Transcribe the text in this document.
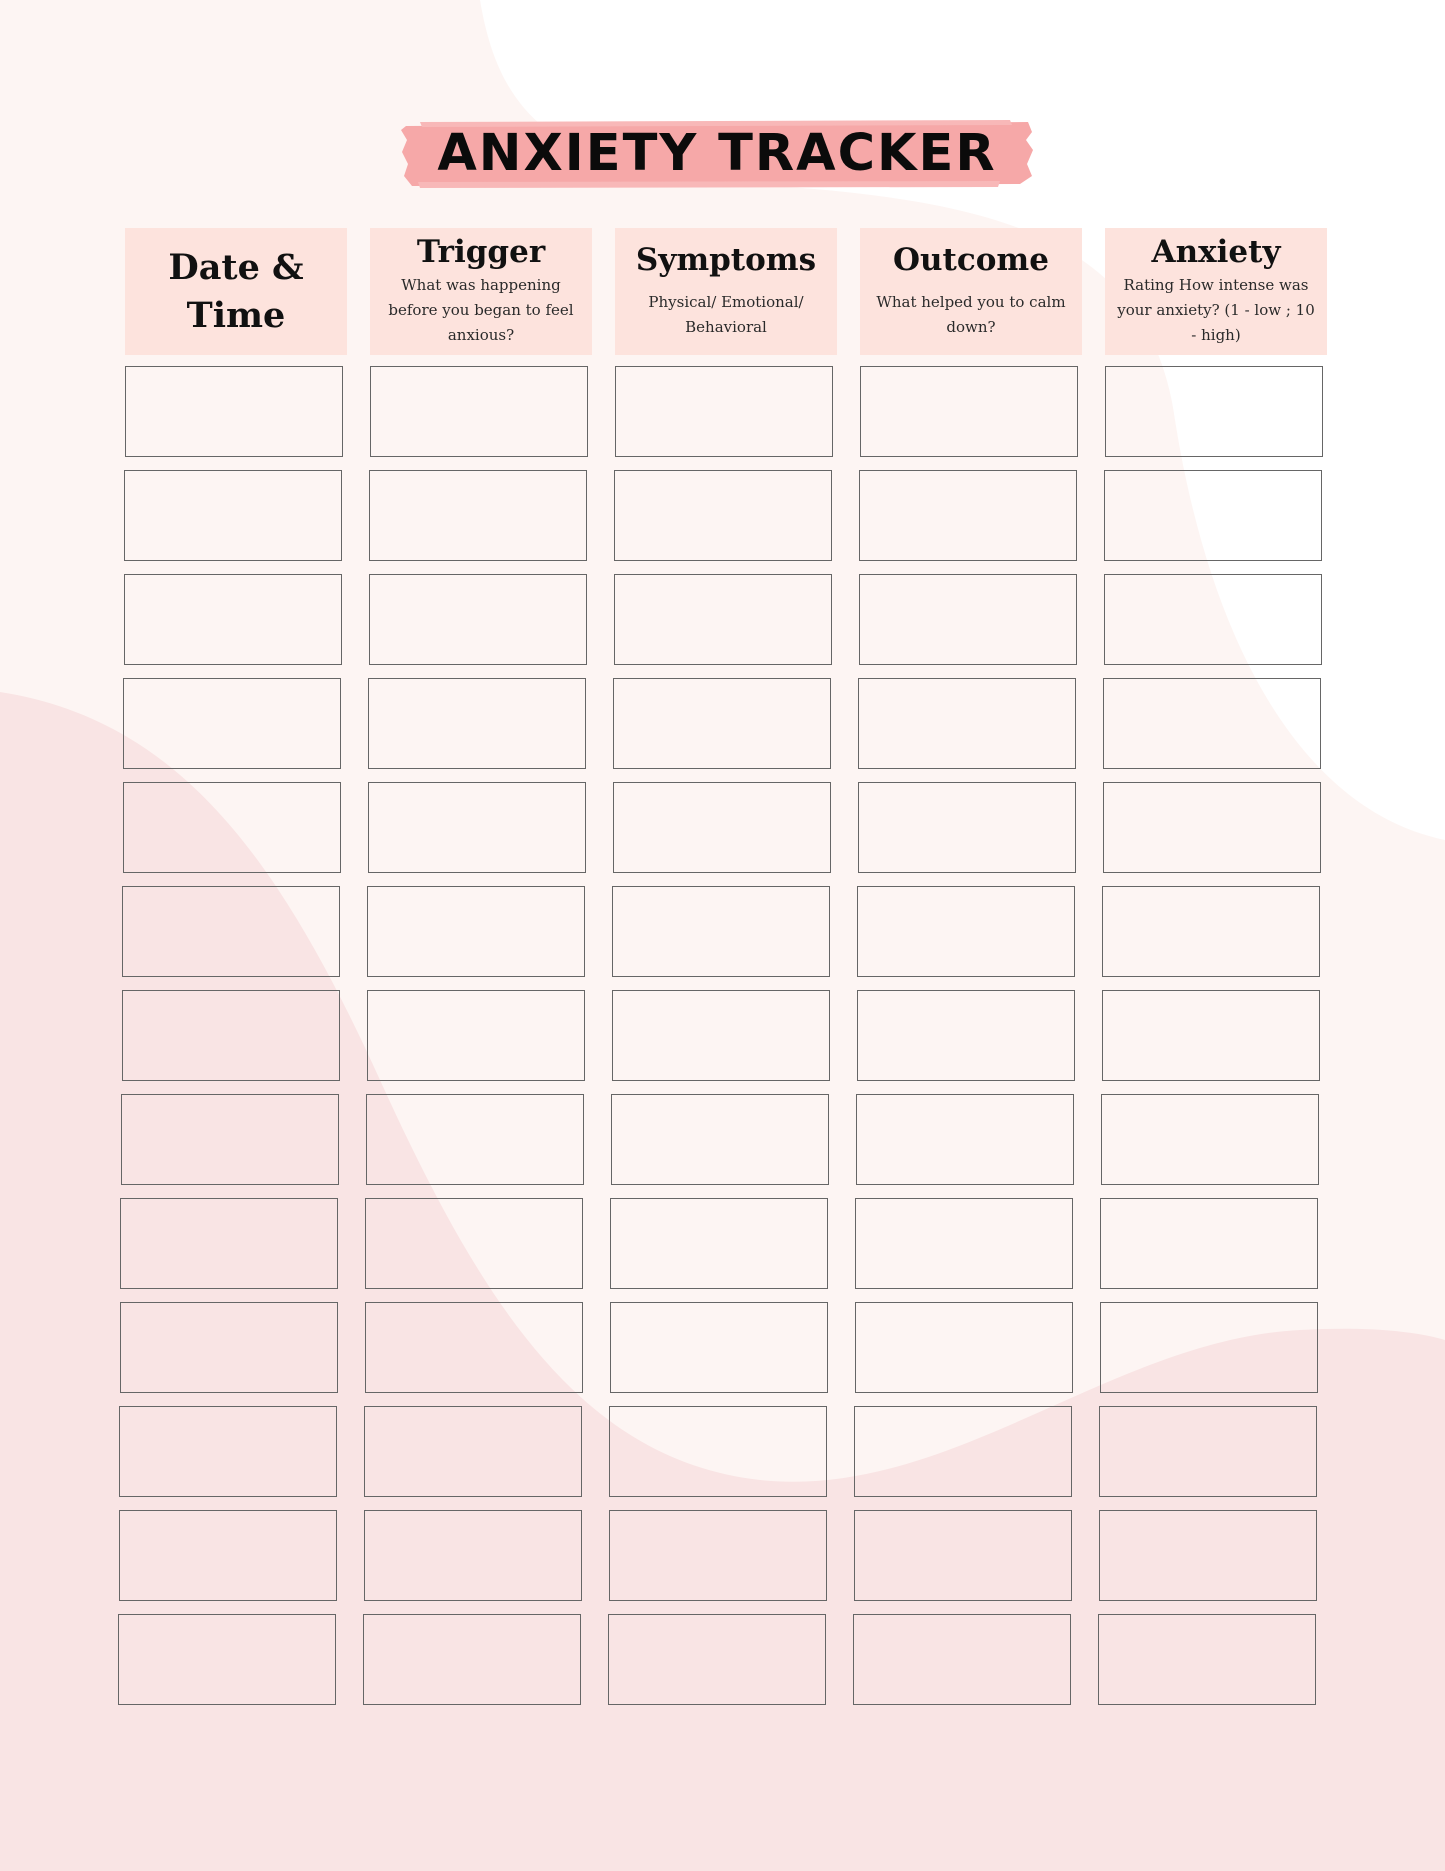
ANXIETY TRACKER
Date & Time
Trigger
What was happening before you began to feel anxious?
Symptoms
Physical/ Emotional/ Behavioral
Outcome
What helped you to calm down?
Anxiety
Rating How intense was your anxiety? (1 - low ; 10 - high)
